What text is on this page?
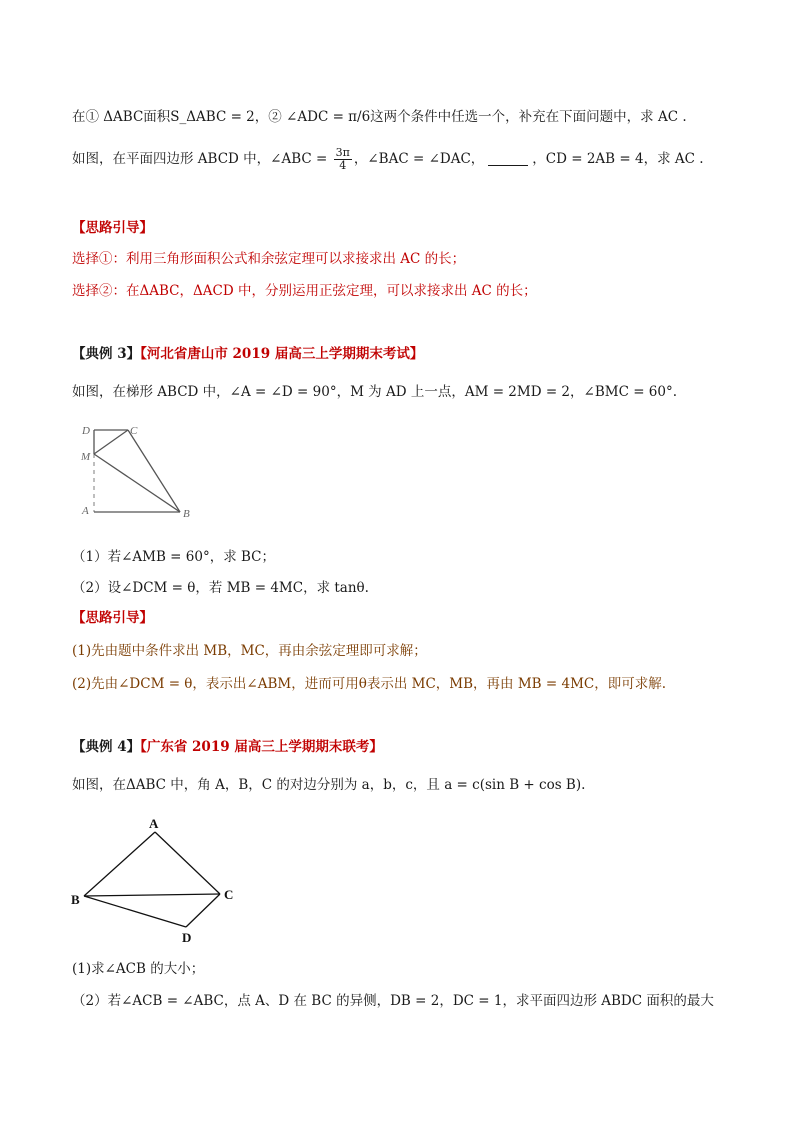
在① ΔABC面积S_ΔABC = 2，② ∠ADC = π/6这两个条件中任选一个，补充在下面问题中，求 AC .
如图，在平面四边形 ABCD 中，∠ABC = $\frac{3\pi}{4}$ ，∠BAC = ∠DAC，	，CD = 2AB = 4，求 AC .
【思路引导】
选择①：利用三角形面积公式和余弦定理可以求接求出 AC 的长；
选择②：在ΔABC，ΔACD 中，分别运用正弦定理，可以求接求出 AC 的长；
【典例 3】【河北省唐山市 2019 届高三上学期期末考试】
如图，在梯形 ABCD 中，∠A = ∠D = 90°，M 为 AD 上一点，AM = 2MD = 2，∠BMC = 60°.
D	C
M
A	B
（1）若∠AMB = 60°，求 BC；
（2）设∠DCM = θ，若 MB = 4MC，求 tanθ.
【思路引导】
(1)先由题中条件求出 MB，MC，再由余弦定理即可求解；
(2)先由∠DCM = θ，表示出∠ABM，进而可用θ表示出 MC，MB，再由 MB = 4MC，即可求解.
【典例 4】【广东省 2019 届高三上学期期末联考】
如图，在ΔABC 中，角 A，B，C 的对边分别为 a，b，c，且 a = c(sin B + cos B).
A
B	C
D
(1)求∠ACB 的大小；
（2）若∠ACB = ∠ABC，点 A、D 在 BC 的异侧，DB = 2，DC = 1，求平面四边形 ABDC 面积的最大
